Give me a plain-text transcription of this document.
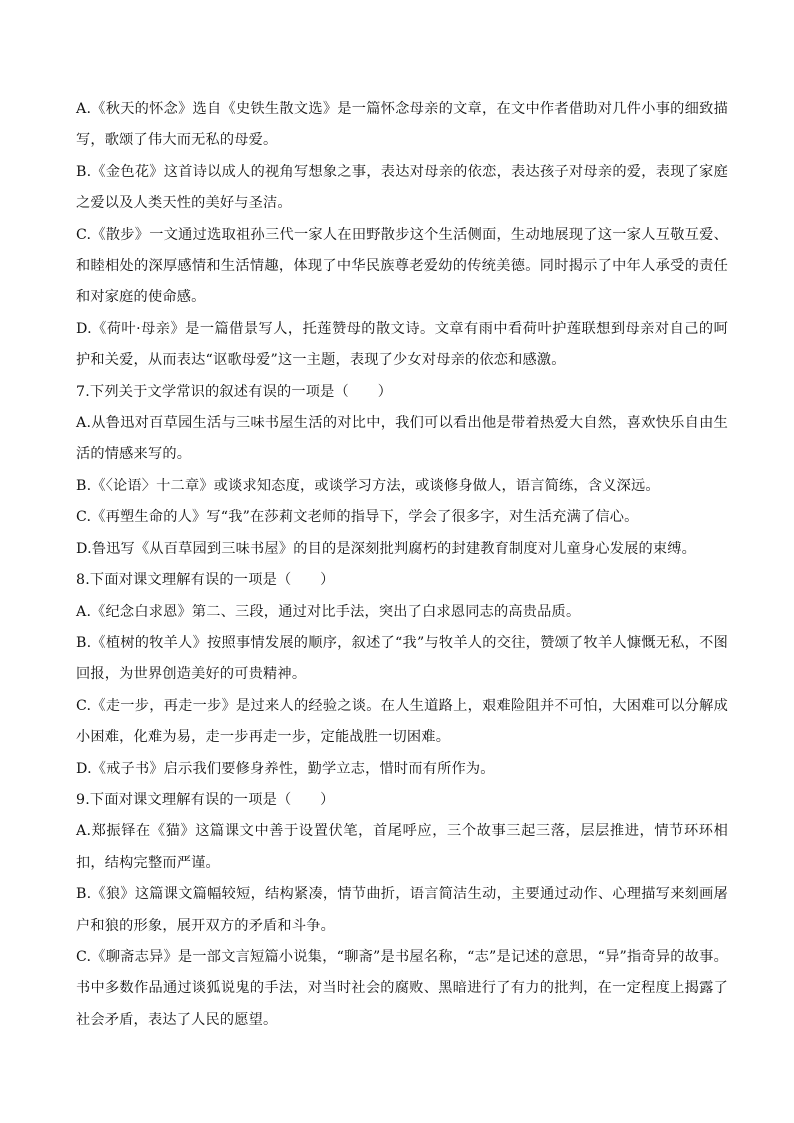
A.《秋天的怀念》选自《史铁生散文选》是一篇怀念母亲的文章，在文中作者借助对几件小事的细致描写，歌颂了伟大而无私的母爱。

B.《金色花》这首诗以成人的视角写想象之事，表达对母亲的依恋，表达孩子对母亲的爱，表现了家庭之爱以及人类天性的美好与圣洁。

C.《散步》一文通过选取祖孙三代一家人在田野散步这个生活侧面，生动地展现了这一家人互敬互爱、和睦相处的深厚感情和生活情趣，体现了中华民族尊老爱幼的传统美德。同时揭示了中年人承受的责任和对家庭的使命感。

D.《荷叶·母亲》是一篇借景写人，托莲赞母的散文诗。文章有雨中看荷叶护莲联想到母亲对自己的呵护和关爱，从而表达“讴歌母爱”这一主题，表现了少女对母亲的依恋和感激。

7.下列关于文学常识的叙述有误的一项是（　　）

A.从鲁迅对百草园生活与三味书屋生活的对比中，我们可以看出他是带着热爱大自然，喜欢快乐自由生活的情感来写的。

B.《〈论语〉十二章》或谈求知态度，或谈学习方法，或谈修身做人，语言简练，含义深远。

C.《再塑生命的人》写“我”在莎莉文老师的指导下，学会了很多字，对生活充满了信心。

D.鲁迅写《从百草园到三味书屋》的目的是深刻批判腐朽的封建教育制度对儿童身心发展的束缚。

8.下面对课文理解有误的一项是（　　）

A.《纪念白求恩》第二、三段，通过对比手法，突出了白求恩同志的高贵品质。

B.《植树的牧羊人》按照事情发展的顺序，叙述了“我”与牧羊人的交往，赞颂了牧羊人慷慨无私，不图回报，为世界创造美好的可贵精神。

C.《走一步，再走一步》是过来人的经验之谈。在人生道路上，艰难险阻并不可怕，大困难可以分解成小困难，化难为易，走一步再走一步，定能战胜一切困难。

D.《戒子书》启示我们要修身养性，勤学立志，惜时而有所作为。

9.下面对课文理解有误的一项是（　　）

A.郑振铎在《猫》这篇课文中善于设置伏笔，首尾呼应，三个故事三起三落，层层推进，情节环环相扣，结构完整而严谨。

B.《狼》这篇课文篇幅较短，结构紧凑，情节曲折，语言简洁生动，主要通过动作、心理描写来刻画屠户和狼的形象，展开双方的矛盾和斗争。

C.《聊斋志异》是一部文言短篇小说集，“聊斋”是书屋名称，“志”是记述的意思，“异”指奇异的故事。书中多数作品通过谈狐说鬼的手法，对当时社会的腐败、黑暗进行了有力的批判，在一定程度上揭露了社会矛盾，表达了人民的愿望。
